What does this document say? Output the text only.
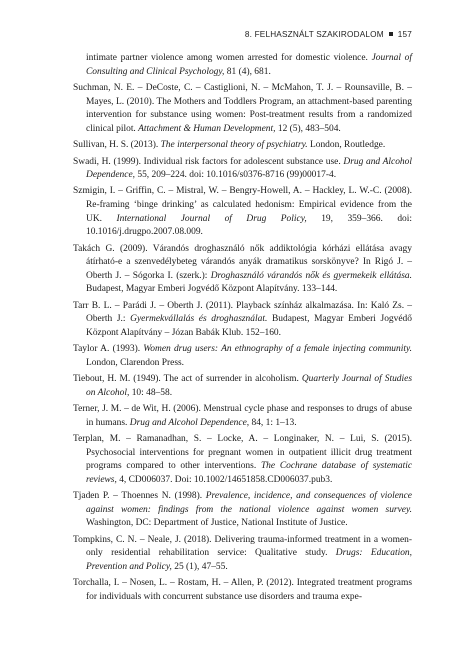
8. FELHASZNÁLT SZAKIRODALOM 157

intimate partner violence among women arrested for domestic violence. Journal of Consulting and Clinical Psychology, 81 (4), 681.

Suchman, N. E. – DeCoste, C. – Castiglioni, N. – McMahon, T. J. – Rounsaville, B. – Mayes, L. (2010). The Mothers and Toddlers Program, an attachment-based parenting intervention for substance using women: Post-treatment results from a randomized clinical pilot. Attachment & Human Development, 12 (5), 483–504.

Sullivan, H. S. (2013). The interpersonal theory of psychiatry. London, Routledge.

Swadi, H. (1999). Individual risk factors for adolescent substance use. Drug and Alcohol Dependence, 55, 209–224. doi: 10.1016/s0376-8716 (99)00017-4.

Szmigin, I. – Griffin, C. – Mistral, W. – Bengry-Howell, A. – Hackley, L. W.-C. (2008). Re-framing ‘binge drinking’ as calculated hedonism: Empirical evidence from the UK. International Journal of Drug Policy, 19, 359–366. doi: 10.1016/j.drugpo.2007.08.009.

Takách G. (2009). Várandós droghasználó nők addiktológia kórházi ellátása avagy átírható-e a szenvedélybeteg várandós anyák dramatikus sorskönyve? In Rigó J. – Oberth J. – Sógorka I. (szerk.): Droghasználó várandós nők és gyermekeik ellátása. Budapest, Magyar Emberi Jogvédő Központ Alapítvány. 133–144.

Tarr B. L. – Parádi J. – Oberth J. (2011). Playback színház alkalmazása. In: Kaló Zs. – Oberth J.: Gyermekvállalás és droghasználat. Budapest, Magyar Emberi Jogvédő Központ Alapítvány – Józan Babák Klub. 152–160.

Taylor A. (1993). Women drug users: An ethnography of a female injecting community. London, Clarendon Press.

Tiebout, H. M. (1949). The act of surrender in alcoholism. Quarterly Journal of Studies on Alcohol, 10: 48–58.

Terner, J. M. – de Wit, H. (2006). Menstrual cycle phase and responses to drugs of abuse in humans. Drug and Alcohol Dependence, 84, 1: 1–13.

Terplan, M. – Ramanadhan, S. – Locke, A. – Longinaker, N. – Lui, S. (2015). Psychosocial interventions for pregnant women in outpatient illicit drug treatment programs compared to other interventions. The Cochrane database of systematic reviews, 4, CD006037. Doi: 10.1002/14651858.CD006037.pub3.

Tjaden P. – Thoennes N. (1998). Prevalence, incidence, and consequences of violence against women: findings from the national violence against women survey. Washington, DC: Department of Justice, National Institute of Justice.

Tompkins, C. N. – Neale, J. (2018). Delivering trauma-informed treatment in a women-only residential rehabilitation service: Qualitative study. Drugs: Education, Prevention and Policy, 25 (1), 47–55.

Torchalla, I. – Nosen, L. – Rostam, H. – Allen, P. (2012). Integrated treatment programs for individuals with concurrent substance use disorders and trauma expe-
